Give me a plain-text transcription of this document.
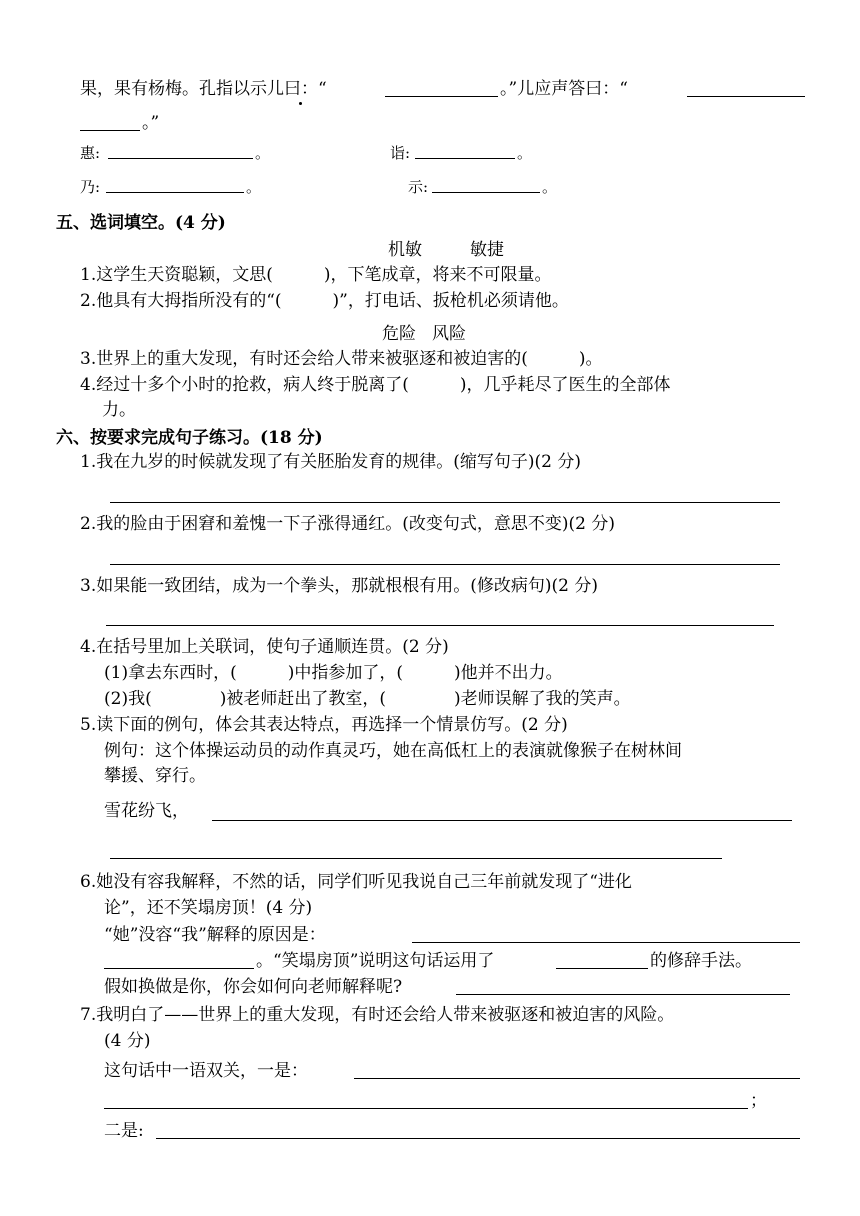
果，果有杨梅。孔指以示儿曰：“	。”儿应声答曰：“
。”
惠:	。	诣:	。
乃:	。	示:	。
五、选词填空。(4 分)
机敏	敏捷
1.这学生天资聪颖，文思(　　　)，下笔成章，将来不可限量。
2.他具有大拇指所没有的“(　　　)”，打电话、扳枪机必须请他。
危险 风险
3.世界上的重大发现，有时还会给人带来被驱逐和被迫害的(　　　)。
4.经过十多个小时的抢救，病人终于脱离了(　　　)，几乎耗尽了医生的全部体
力。
六、按要求完成句子练习。(18 分)
1.我在九岁的时候就发现了有关胚胎发育的规律。(缩写句子)(2 分)
2.我的脸由于困窘和羞愧一下子涨得通红。(改变句式，意思不变)(2 分)
3.如果能一致团结，成为一个拳头，那就根根有用。(修改病句)(2 分)
4.在括号里加上关联词，使句子通顺连贯。(2 分)
(1)拿去东西时，(　　　)中指参加了，(　　　)他并不出力。
(2)我(　　　　)被老师赶出了教室，(　　　　)老师误解了我的笑声。
5.读下面的例句，体会其表达特点，再选择一个情景仿写。(2 分)
例句：这个体操运动员的动作真灵巧，她在高低杠上的表演就像猴子在树林间
攀援、穿行。
雪花纷飞，
6.她没有容我解释，不然的话，同学们听见我说自己三年前就发现了“进化
论”，还不笑塌房顶！(4 分)
“她”没容“我”解释的原因是：
。“笑塌房顶”说明这句话运用了	的修辞手法。
假如换做是你，你会如何向老师解释呢?
7.我明白了——世界上的重大发现，有时还会给人带来被驱逐和被迫害的风险。
(4 分)
这句话中一语双关，一是：
；
二是:
